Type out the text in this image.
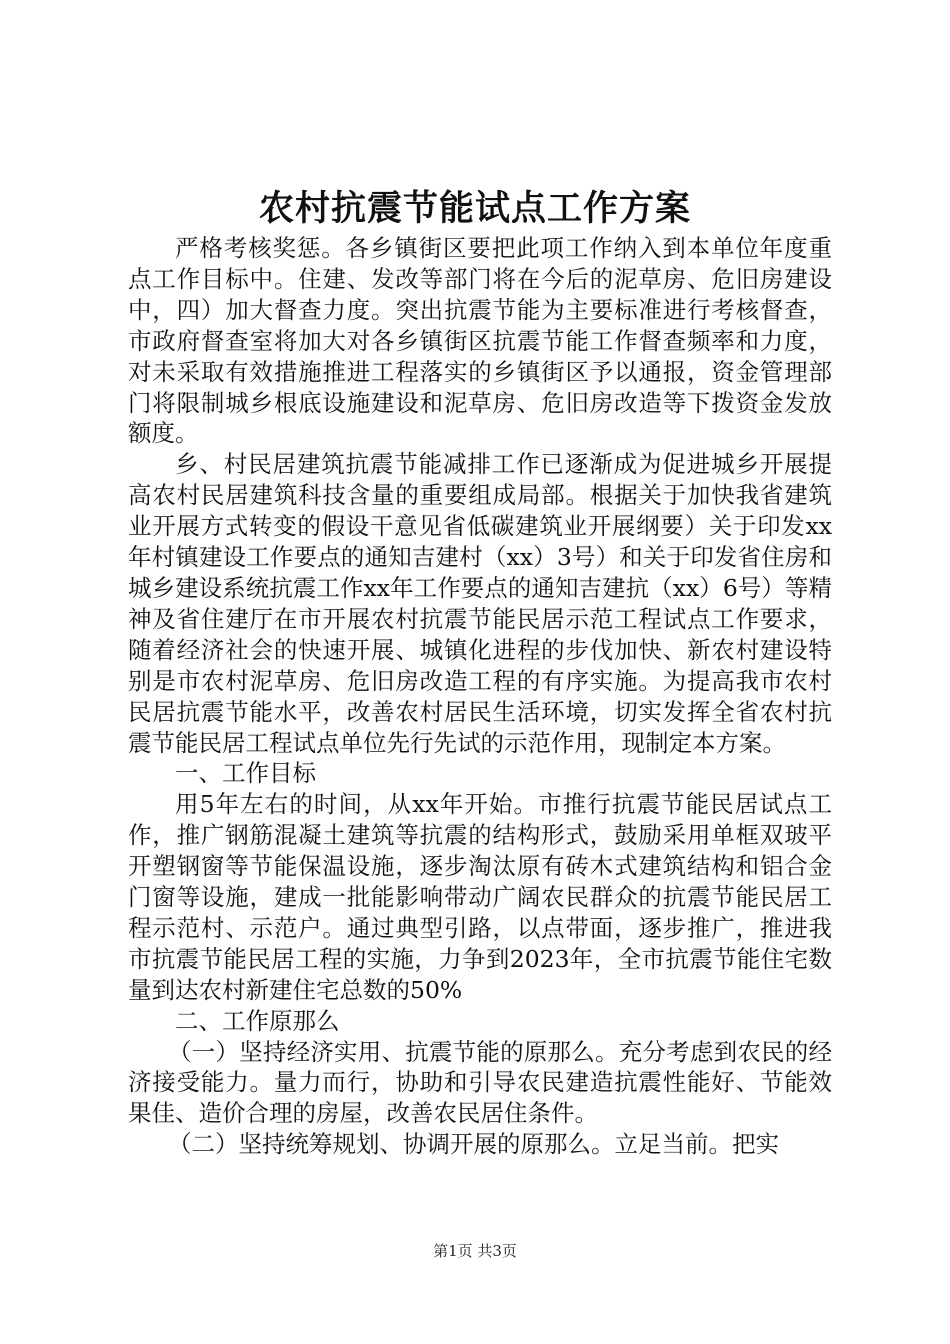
农村抗震节能试点工作方案

严格考核奖惩。各乡镇街区要把此项工作纳入到本单位年度重点工作目标中。住建、发改等部门将在今后的泥草房、危旧房建设中，四）加大督查力度。突出抗震节能为主要标准进行考核督查，市政府督查室将加大对各乡镇街区抗震节能工作督查频率和力度，对未采取有效措施推进工程落实的乡镇街区予以通报，资金管理部门将限制城乡根底设施建设和泥草房、危旧房改造等下拨资金发放额度。

乡、村民居建筑抗震节能减排工作已逐渐成为促进城乡开展提高农村民居建筑科技含量的重要组成局部。根据关于加快我省建筑业开展方式转变的假设干意见省低碳建筑业开展纲要）关于印发xx年村镇建设工作要点的通知吉建村（xx）3号）和关于印发省住房和城乡建设系统抗震工作xx年工作要点的通知吉建抗（xx）6号）等精神及省住建厅在市开展农村抗震节能民居示范工程试点工作要求，随着经济社会的快速开展、城镇化进程的步伐加快、新农村建设特别是市农村泥草房、危旧房改造工程的有序实施。为提高我市农村民居抗震节能水平，改善农村居民生活环境，切实发挥全省农村抗震节能民居工程试点单位先行先试的示范作用，现制定本方案。

一、工作目标

用5年左右的时间，从xx年开始。市推行抗震节能民居试点工作，推广钢筋混凝土建筑等抗震的结构形式，鼓励采用单框双玻平开塑钢窗等节能保温设施，逐步淘汰原有砖木式建筑结构和铝合金门窗等设施，建成一批能影响带动广阔农民群众的抗震节能民居工程示范村、示范户。通过典型引路，以点带面，逐步推广，推进我市抗震节能民居工程的实施，力争到2023年，全市抗震节能住宅数量到达农村新建住宅总数的50%

二、工作原那么

（一）坚持经济实用、抗震节能的原那么。充分考虑到农民的经济接受能力。量力而行，协助和引导农民建造抗震性能好、节能效果佳、造价合理的房屋，改善农民居住条件。

（二）坚持统筹规划、协调开展的原那么。立足当前。把实

第1页 共3页
